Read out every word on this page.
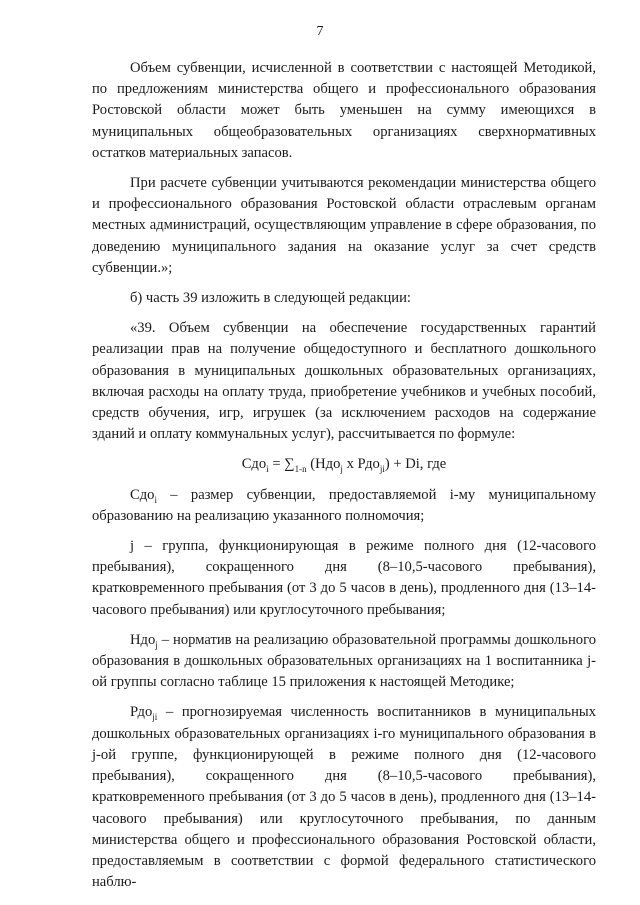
7

Объем субвенции, исчисленной в соответствии с настоящей Методикой, по предложениям министерства общего и профессионального образования Ростовской области может быть уменьшен на сумму имеющихся в муниципальных общеобразовательных организациях сверхнормативных остатков материальных запасов.

При расчете субвенции учитываются рекомендации министерства общего и профессионального образования Ростовской области отраслевым органам местных администраций, осуществляющим управление в сфере образования, по доведению муниципального задания на оказание услуг за счет средств субвенции.»;

б) часть 39 изложить в следующей редакции:

«39. Объем субвенции на обеспечение государственных гарантий реализации прав на получение общедоступного и бесплатного дошкольного образования в муниципальных дошкольных образовательных организациях, включая расходы на оплату труда, приобретение учебников и учебных пособий, средств обучения, игр, игрушек (за исключением расходов на содержание зданий и оплату коммунальных услуг), рассчитывается по формуле:

$Сдо_i = \sum_{1-n}$ (Ндо$_j$ x Рдо$_{ji}$) + Di, где

Сдо$_i$ – размер субвенции, предоставляемой i-му муниципальному образованию на реализацию указанного полномочия;

j – группа, функционирующая в режиме полного дня (12-часового пребывания), сокращенного дня (8–10,5-часового пребывания), кратковременного пребывания (от 3 до 5 часов в день), продленного дня (13–14-часового пребывания) или круглосуточного пребывания;

Ндо$_j$ – норматив на реализацию образовательной программы дошкольного образования в дошкольных образовательных организациях на 1 воспитанника j-ой группы согласно таблице 15 приложения к настоящей Методике;

Рдо$_{ji}$ – прогнозируемая численность воспитанников в муниципальных дошкольных образовательных организациях i-го муниципального образования в j-ой группе, функционирующей в режиме полного дня (12-часового пребывания), сокращенного дня (8–10,5-часового пребывания), кратковременного пребывания (от 3 до 5 часов в день), продленного дня (13–14-часового пребывания) или круглосуточного пребывания, по данным министерства общего и профессионального образования Ростовской области, предоставляемым в соответствии с формой федерального статистического наблю-
